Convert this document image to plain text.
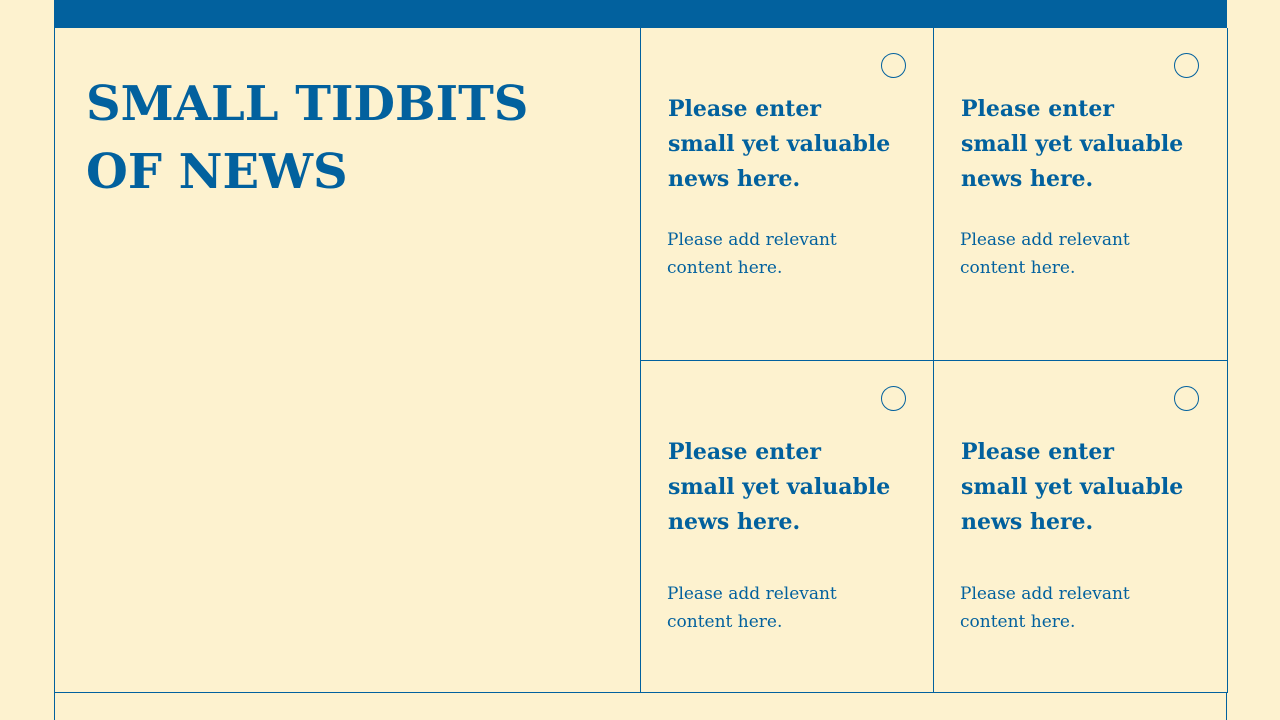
SMALL TIDBITS
OF NEWS

Please enter
small yet valuable
news here.

Please add relevant
content here.

Please enter
small yet valuable
news here.

Please add relevant
content here.

Please enter
small yet valuable
news here.

Please add relevant
content here.

Please enter
small yet valuable
news here.

Please add relevant
content here.
